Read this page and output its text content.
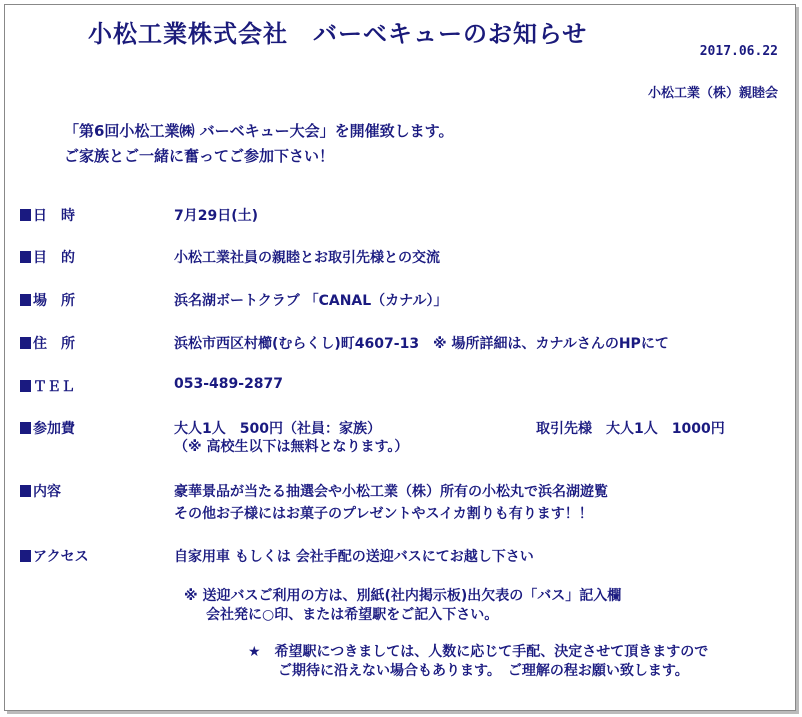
小松工業株式会社　バーベキューのお知らせ
2017.06.22
小松工業（株）親睦会
「第6回小松工業㈱ バーベキュー大会」を開催致します。
ご家族とご一緒に奮ってご参加下さい！
日　時	7月29日(土)
目　的	小松工業社員の親睦とお取引先様との交流
場　所	浜名湖ボートクラブ 「CANAL（カナル）」
住　所	浜松市西区村櫛(むらくし)町4607-13　※ 場所詳細は、カナルさんのHPにて
ＴＥＬ	053-489-2877
参加費	大人1人　500円（社員：家族）	取引先様　大人1人　1000円
（※ 高校生以下は無料となります。）
内容	豪華景品が当たる抽選会や小松工業（株）所有の小松丸で浜名湖遊覧
その他お子様にはお菓子のプレゼントやスイカ割りも有ります！！
アクセス	自家用車 もしくは 会社手配の送迎バスにてお越し下さい
※ 送迎バスご利用の方は、別紙(社内掲示板)出欠表の「バス」記入欄
会社発に○印、または希望駅をご記入下さい。
★　希望駅につきましては、人数に応じて手配、決定させて頂きますので
ご期待に沿えない場合もあります。　ご理解の程お願い致します。
